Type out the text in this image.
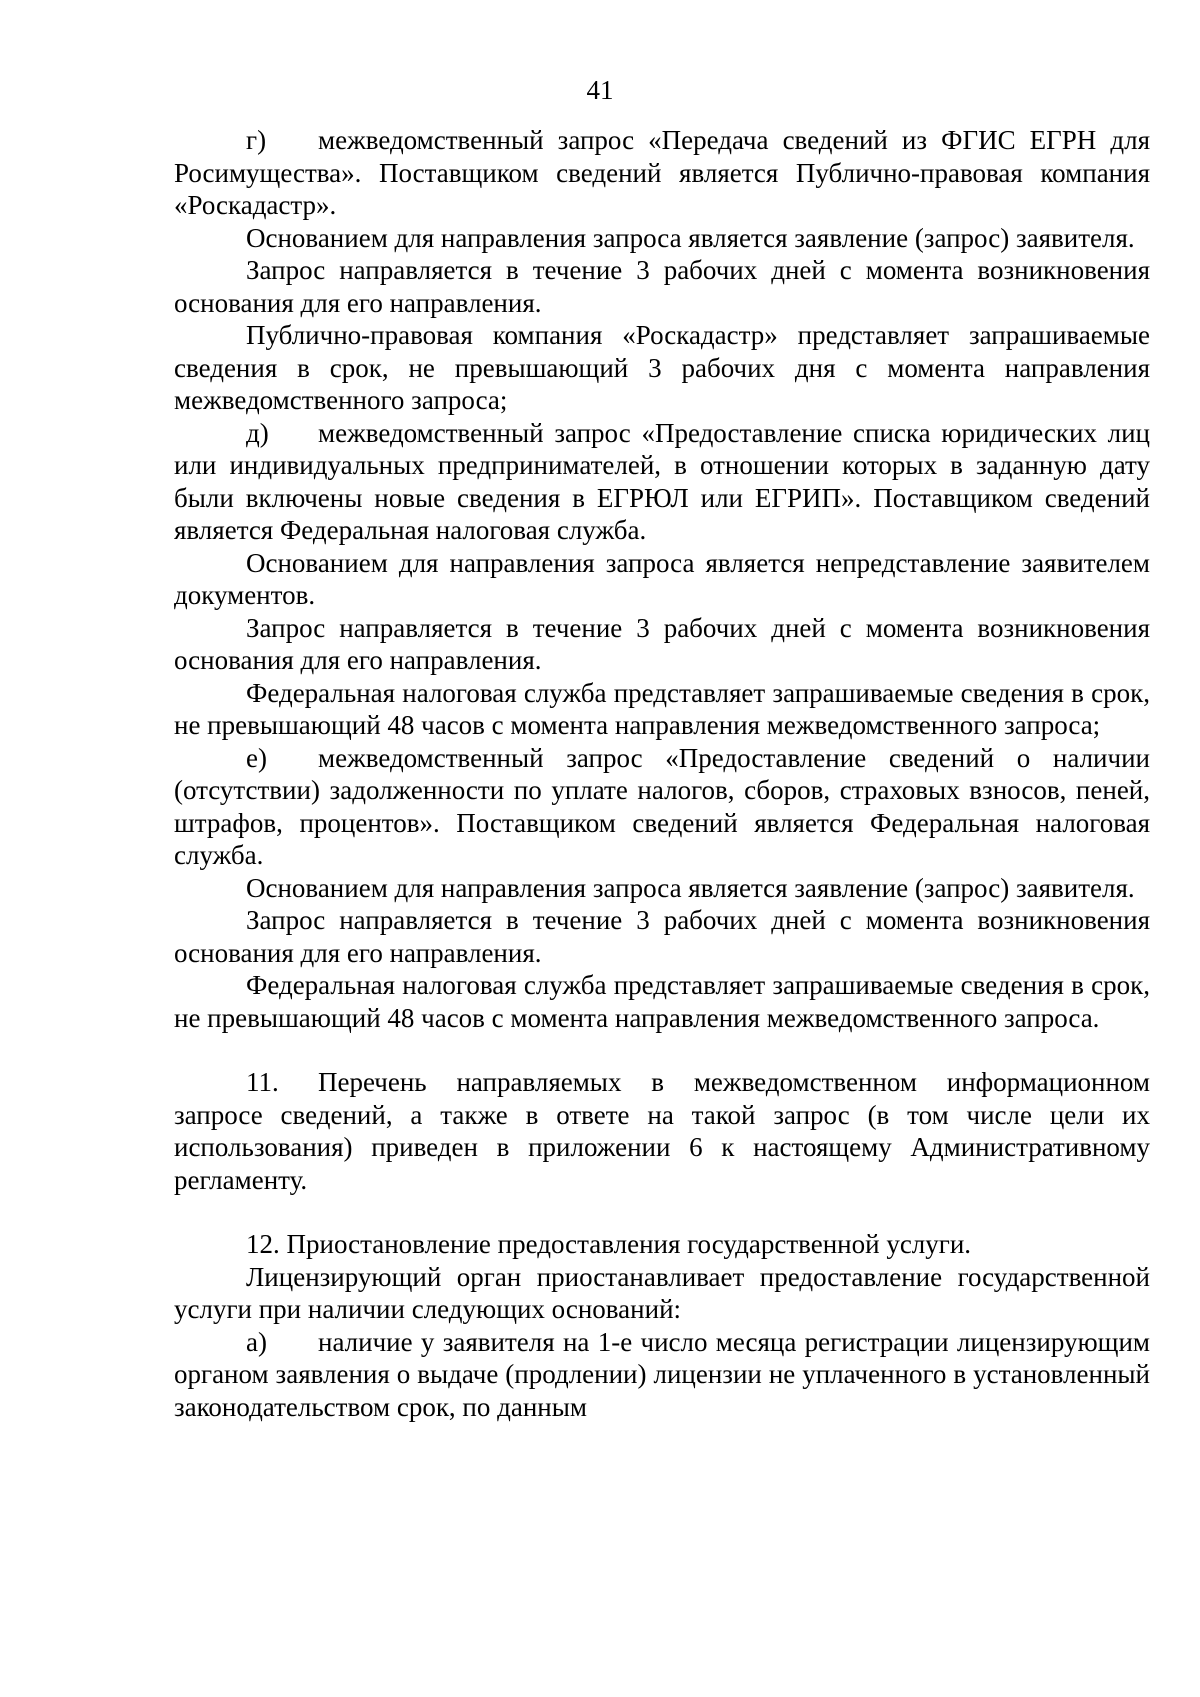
41

г) межведомственный запрос «Передача сведений из ФГИС ЕГРН для Росимущества». Поставщиком сведений является Публично-правовая компания «Роскадастр».

Основанием для направления запроса является заявление (запрос) заявителя.

Запрос направляется в течение 3 рабочих дней с момента возникновения основания для его направления.

Публично-правовая компания «Роскадастр» представляет запрашиваемые сведения в срок, не превышающий 3 рабочих дня с момента направления межведомственного запроса;

д) межведомственный запрос «Предоставление списка юридических лиц или индивидуальных предпринимателей, в отношении которых в заданную дату были включены новые сведения в ЕГРЮЛ или ЕГРИП». Поставщиком сведений является Федеральная налоговая служба.

Основанием для направления запроса является непредставление заявителем документов.

Запрос направляется в течение 3 рабочих дней с момента возникновения основания для его направления.

Федеральная налоговая служба представляет запрашиваемые сведения в срок, не превышающий 48 часов с момента направления межведомственного запроса;

е) межведомственный запрос «Предоставление сведений о наличии (отсутствии) задолженности по уплате налогов, сборов, страховых взносов, пеней, штрафов, процентов». Поставщиком сведений является Федеральная налоговая служба.

Основанием для направления запроса является заявление (запрос) заявителя.

Запрос направляется в течение 3 рабочих дней с момента возникновения основания для его направления.

Федеральная налоговая служба представляет запрашиваемые сведения в срок, не превышающий 48 часов с момента направления межведомственного запроса.

11. Перечень направляемых в межведомственном информационном запросе сведений, а также в ответе на такой запрос (в том числе цели их использования) приведен в приложении 6 к настоящему Административному регламенту.

12. Приостановление предоставления государственной услуги.

Лицензирующий орган приостанавливает предоставление государственной услуги при наличии следующих оснований:

а) наличие у заявителя на 1-е число месяца регистрации лицензирующим органом заявления о выдаче (продлении) лицензии не уплаченного в установленный законодательством срок, по данным
